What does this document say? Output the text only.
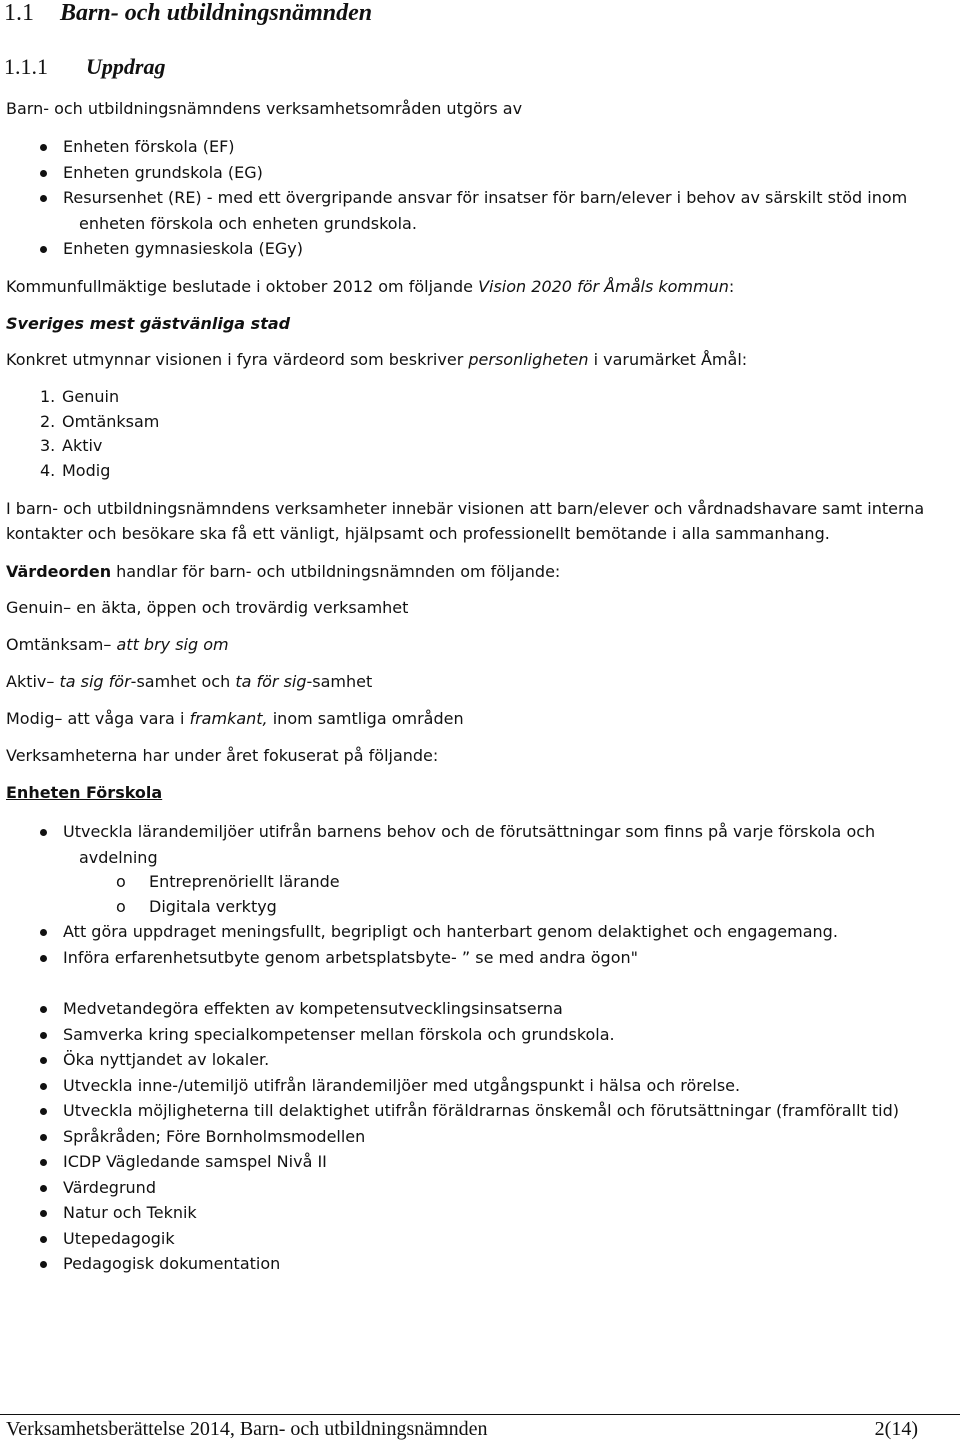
1.1 Barn- och utbildningsnämnden
1.1.1 Uppdrag
Barn- och utbildningsnämndens verksamhetsområden utgörs av
Enheten förskola (EF)
Enheten grundskola (EG)
Resursenhet (RE) - med ett övergripande ansvar för insatser för barn/elever i behov av särskilt stöd inom
enheten förskola och enheten grundskola.
Enheten gymnasieskola (EGy)
Kommunfullmäktige beslutade i oktober 2012 om följande Vision 2020 för Åmåls kommun:
Sveriges mest gästvänliga stad
Konkret utmynnar visionen i fyra värdeord som beskriver personligheten i varumärket Åmål:
1. Genuin
2. Omtänksam
3. Aktiv
4. Modig
I barn- och utbildningsnämndens verksamheter innebär visionen att barn/elever och vårdnadshavare samt interna kontakter och besökare ska få ett vänligt, hjälpsamt och professionellt bemötande i alla sammanhang.
Värdeorden handlar för barn- och utbildningsnämnden om följande:
Genuin– en äkta, öppen och trovärdig verksamhet
Omtänksam– att bry sig om
Aktiv– ta sig för-samhet och ta för sig-samhet
Modig– att våga vara i framkant, inom samtliga områden
Verksamheterna har under året fokuserat på följande:
Enheten Förskola
Utveckla lärandemiljöer utifrån barnens behov och de förutsättningar som finns på varje förskola och
avdelning
o Entreprenöriellt lärande
o Digitala verktyg
Att göra uppdraget meningsfullt, begripligt och hanterbart genom delaktighet och engagemang.
Införa erfarenhetsutbyte genom arbetsplatsbyte- ” se med andra ögon"
Medvetandegöra effekten av kompetensutvecklingsinsatserna
Samverka kring specialkompetenser mellan förskola och grundskola.
Öka nyttjandet av lokaler.
Utveckla inne-/utemiljö utifrån lärandemiljöer med utgångspunkt i hälsa och rörelse.
Utveckla möjligheterna till delaktighet utifrån föräldrarnas önskemål och förutsättningar (framförallt tid)
Språkråden; Före Bornholmsmodellen
ICDP Vägledande samspel Nivå II
Värdegrund
Natur och Teknik
Utepedagogik
Pedagogisk dokumentation
Verksamhetsberättelse 2014, Barn- och utbildningsnämnden	2(14)
